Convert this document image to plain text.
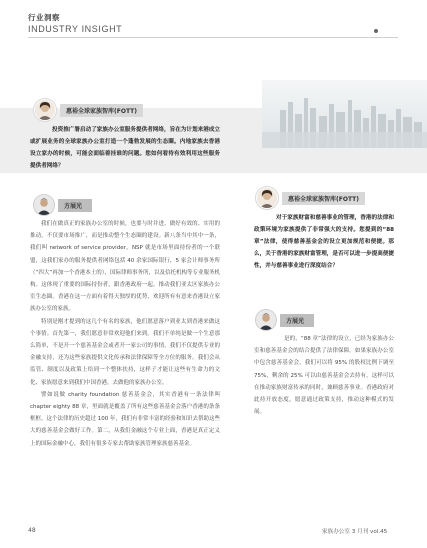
行业洞察
INDUSTRY INSIGHT
惠裕全球家族智库(FOTT)
投资推广署启动了家族办公室服务提供者网络，旨在为计划来港成立或扩展业务的全球家族办公室打造一个蓬勃发展的生态圈。内地家族去香港设立家办的时候，可能会面临着挂谁的问题。您如何看待有效利用这些服务提供者网络？
方展光

我们在做真正的家族办公室的时候，也要与时并进，做好有效的、实用的推动，不仅要市场推广，而是推动整个生态圈的建设。新八条当中其中一条，我们叫 network of service provider，NSP 就是市场里面持份者的一个联盟，这我们家办的服务提供者网络包括 40 余家国际银行，5 家会计师事务所（“四大”再加一个香港本土的），国际律师事务所，以及信托机构等专业服务机构。这体现了重要的国际持份者，跟香港政府一起，推动我们亚太区家族办公室生态圈。香港在这一方面有着得天独厚的优势，欢迎所有有意来香港设立家族办公室的家族。

特别是刚才提到的这几个有名的家族，他们愿意落户到亚太到香港来做这个事情。首先第一，我们愿意非常欢迎他们来到。我们不单纯是做一个生意那么简单，不是开一个慈善基金会或者开一家公司的事情，我们不仅提供专业的金融支持，还为这些家族提供文化传承和法律保障等全方位的服务。我们会从监管、制度以及政策上给到一个整体扶持，这样子才能让这些有生命力的文化、家族愿意来到我们中国香港，去做他的家族办公室。

譬如说做 charity foundation 慈善基金会，其实香港有一条法律叫 chapter eighty 88 章，里面就是覆盖了所有这些慈善基金会落户香港的条条框框。这个法律的历史超过 100 年，我们有非常丰富的经验和知识去帮助这些大的慈善基金会做好工作。第二，从我们金融这个专业上面，香港是真正定义上的国际金融中心，我们有很多专家去帮助家族管理家族慈善基金。

惠裕全球家族智库(FOTT)
对于家族财富和慈善事业的管理，香港的法律和政策环境为家族提供了非常强大的支持。您提到的“88 章”法律，使得慈善基金会的设立更加规范和便捷。那么，关于香港的家族财富管理，是否可以进一步提高便捷性，并与慈善事业进行深度结合？
方展光

是的，“88 章”法律的设立，已经为家族办公室和慈善基金会的结合提供了法律保障。如果家族办公室中包含慈善基金会，我们可以将 95% 的股权比例下调至 75%，剩余的 25% 可以由慈善基金会去持有，这样可以在推动家族财富传承的同时，兼顾慈善事业。香港政府对此持开放态度，愿意通过政策支持，推动这种模式的发展。

48	家族办公室 3 月刊 vol.45
